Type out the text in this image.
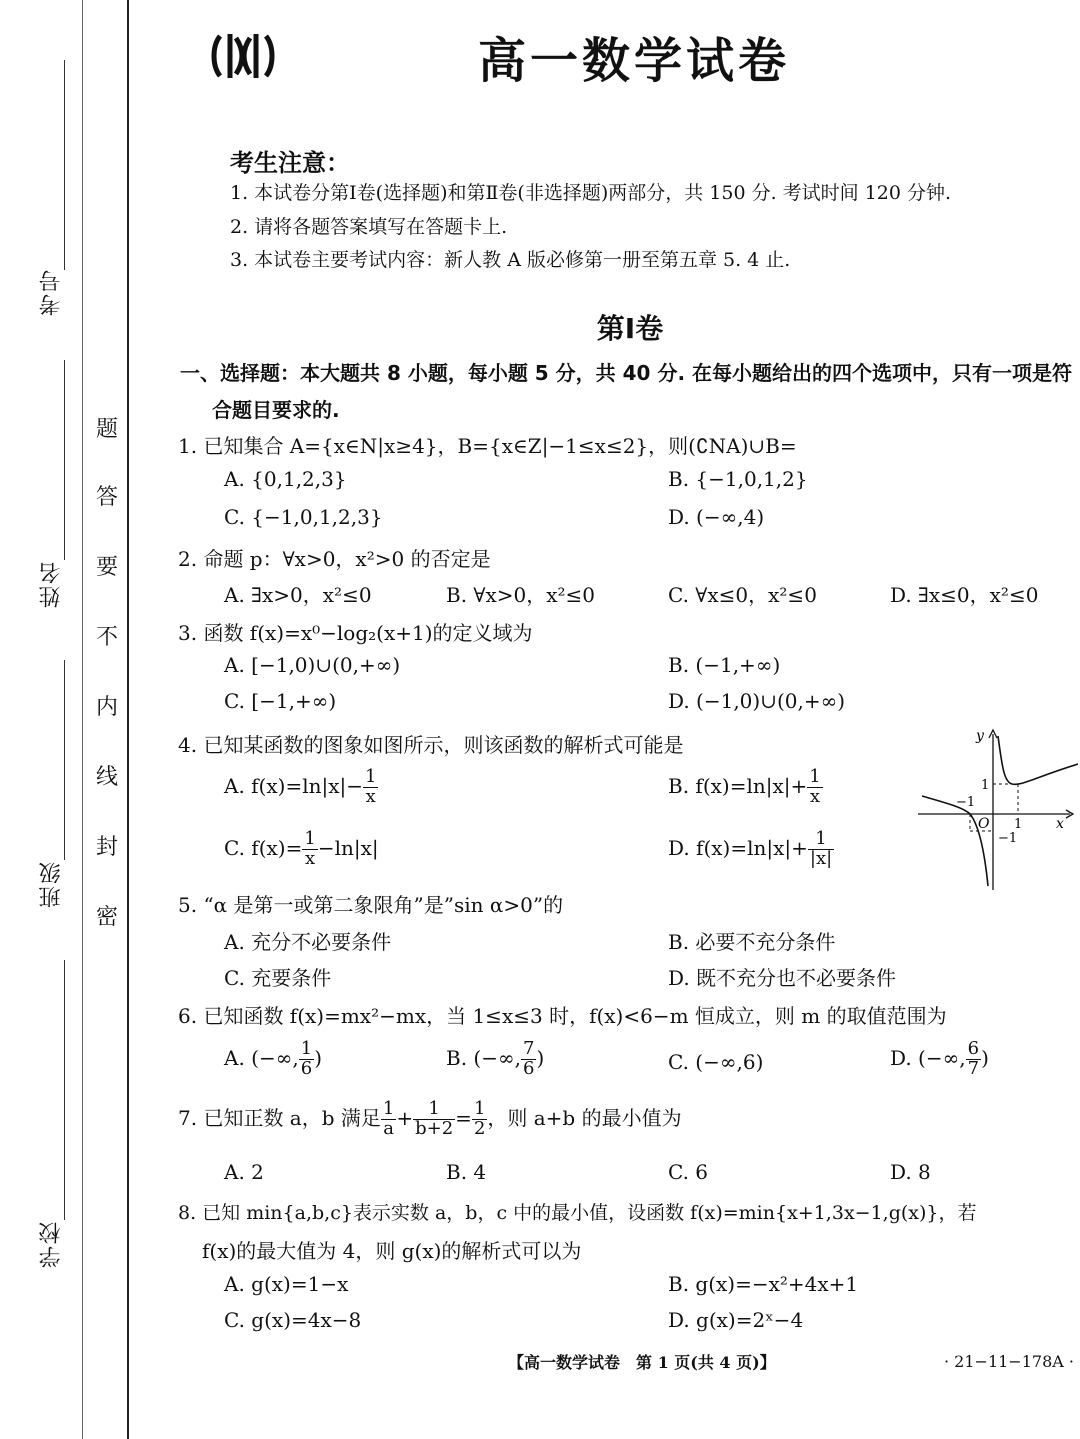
考号
姓名
班级
学校
题
答
要
不
内
线
封
密
高一数学试卷
考生注意：
1. 本试卷分第Ⅰ卷(选择题)和第Ⅱ卷(非选择题)两部分，共 150 分. 考试时间 120 分钟.
2. 请将各题答案填写在答题卡上.
3. 本试卷主要考试内容：新人教 A 版必修第一册至第五章 5. 4 止.
第Ⅰ卷
一、选择题：本大题共 8 小题，每小题 5 分，共 40 分. 在每小题给出的四个选项中，只有一项是符
合题目要求的.
1. 已知集合 A={x∈N|x≥4}，B={x∈Z|−1≤x≤2}，则(∁NA)∪B=
A. {0,1,2,3}	B. {−1,0,1,2}
C. {−1,0,1,2,3}	D. (−∞,4)
2. 命题 p：∀x>0，x²>0 的否定是
A. ∃x>0，x²≤0	B. ∀x>0，x²≤0	C. ∀x≤0，x²≤0	D. ∃x≤0，x²≤0
3. 函数 f(x)=x⁰−log₂(x+1)的定义域为
A. [−1,0)∪(0,+∞)	B. (−1,+∞)
C. [−1,+∞)	D. (−1,0)∪(0,+∞)
4. 已知某函数的图象如图所示，则该函数的解析式可能是
A. $f(x)=\ln|x|- \frac{1}{x}$	B. $f(x)=\ln|x|+ \frac{1}{x}$
C. $f(x)= \frac{1}{x} -\ln|x|$	D. $f(x)=\ln|x|+ \frac{1}{|x|}$
y
x
O
1
−1
1
−1
5. “α 是第一或第二象限角”是”sin α>0”的
A. 充分不必要条件	B. 必要不充分条件
C. 充要条件	D. 既不充分也不必要条件
6. 已知函数 f(x)=mx²−mx，当 1≤x≤3 时，f(x)<6−m 恒成立，则 m 的取值范围为
A. (−∞, $\frac{1}{6}$ )	B. (−∞, $\frac{7}{6}$ )	C. (−∞,6)	D. (−∞, $\frac{6}{7}$ )
7. 已知正数 a，b 满足 $\frac{1}{a} + \frac{1}{b+2} = \frac{1}{2}$ ，则 a+b 的最小值为
A. 2	B. 4	C. 6	D. 8
8. 已知 min{a,b,c}表示实数 a，b，c 中的最小值，设函数 f(x)=min{x+1,3x−1,g(x)}，若
f(x)的最大值为 4，则 g(x)的解析式可以为
A. g(x)=1−x	B. g(x)=−x²+4x+1
C. g(x)=4x−8	D. g(x)=2ˣ−4
【高一数学试卷　第 1 页(共 4 页)】	· 21−11−178A ·
